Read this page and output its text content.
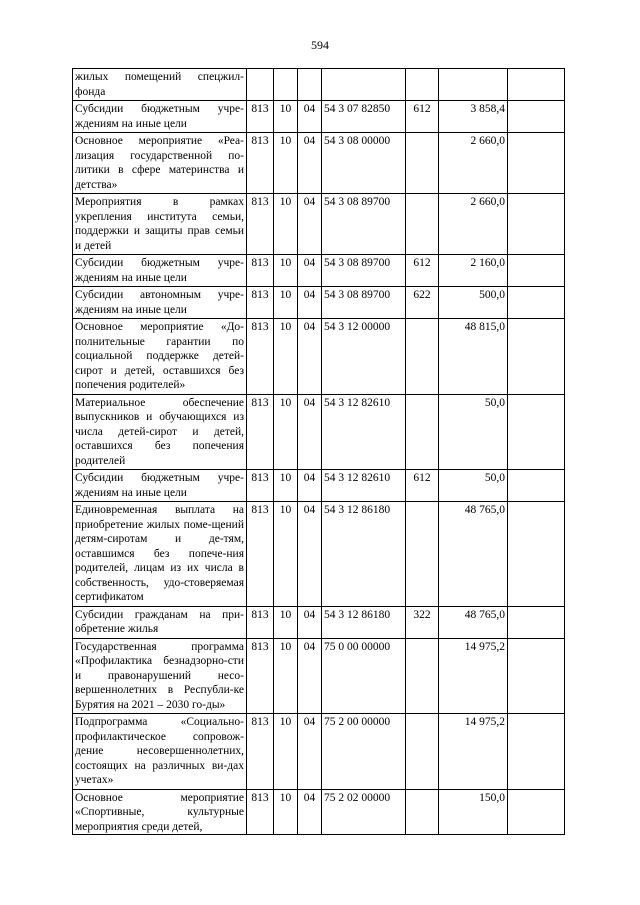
594
жилых помещений спецжил-фонда							
Субсидии бюджетным учре-ждениям на иные цели	813	10	04	54 3 07 82850	612	3 858,4	
Основное мероприятие «Реа-лизация государственной по-литики в сфере материнства и детства»	813	10	04	54 3 08 00000		2 660,0	
Мероприятия в рамках укрепления института семьи, поддержки и защиты прав семьи и детей	813	10	04	54 3 08 89700		2 660,0	
Субсидии бюджетным учре-ждениям на иные цели	813	10	04	54 3 08 89700	612	2 160,0	
Субсидии автономным учре-ждениям на иные цели	813	10	04	54 3 08 89700	622	500,0	
Основное мероприятие «До-полнительные гарантии по социальной поддержке детей-сирот и детей, оставшихся без попечения родителей»	813	10	04	54 3 12 00000		48 815,0	
Материальное обеспечение выпускников и обучающихся из числа детей-сирот и детей, оставшихся без попечения родителей	813	10	04	54 3 12 82610		50,0	
Субсидии бюджетным учре-ждениям на иные цели	813	10	04	54 3 12 82610	612	50,0	
Единовременная выплата на приобретение жилых поме-щений детям-сиротам и де-тям, оставшимся без попече-ния родителей, лицам из их числа в собственность, удо-стоверяемая сертификатом	813	10	04	54 3 12 86180		48 765,0	
Субсидии гражданам на при-обретение жилья	813	10	04	54 3 12 86180	322	48 765,0	
Государственная программа «Профилактика безнадзорно-сти и правонарушений несо-вершеннолетних в Республи-ке Бурятия на 2021 – 2030 го-ды»	813	10	04	75 0 00 00000		14 975,2	
Подпрограмма «Социально-профилактическое сопровож-дение несовершеннолетних, состоящих на различных ви-дах учетах»	813	10	04	75 2 00 00000		14 975,2	
Основное мероприятие «Спортивные, культурные мероприятия среди детей,	813	10	04	75 2 02 00000		150,0	
